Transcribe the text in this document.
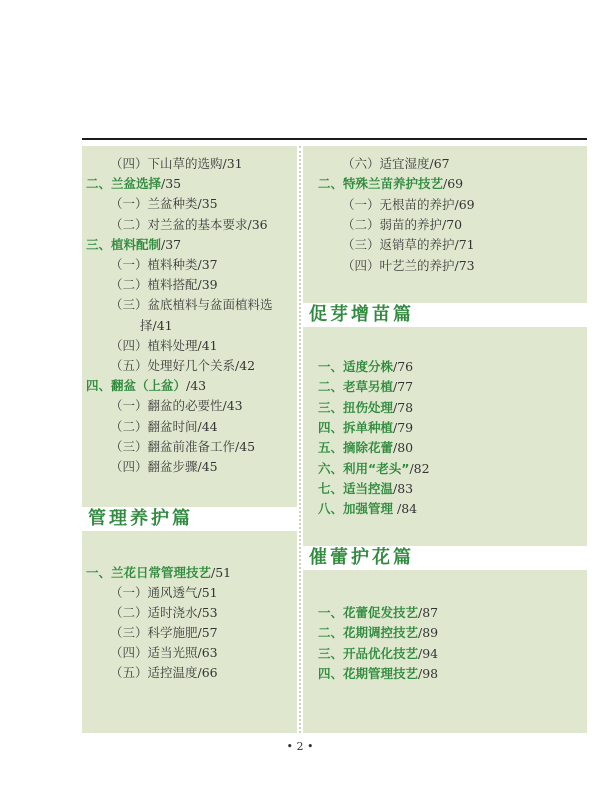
（四）下山草的选购/31
二、兰盆选择/35
（一）兰盆种类/35
（二）对兰盆的基本要求/36
三、植料配制/37
（一）植料种类/37
（二）植料搭配/39
（三）盆底植料与盆面植料选
择/41
（四）植料处理/41
（五）处理好几个关系/42
四、翻盆（上盆）/43
（一）翻盆的必要性/43
（二）翻盆时间/44
（三）翻盆前准备工作/45
（四）翻盆步骤/45
管理养护篇
一、兰花日常管理技艺/51
（一）通风透气/51
（二）适时浇水/53
（三）科学施肥/57
（四）适当光照/63
（五）适控温度/66
（六）适宜湿度/67
二、特殊兰苗养护技艺/69
（一）无根苗的养护/69
（二）弱苗的养护/70
（三）返销草的养护/71
（四）叶艺兰的养护/73
促芽增苗篇
一、适度分株/76
二、老草另植/77
三、扭伤处理/78
四、拆单种植/79
五、摘除花蕾/80
六、利用“老头”/82
七、适当控温/83
八、加强管理 /84
催蕾护花篇
一、花蕾促发技艺/87
二、花期调控技艺/89
三、开品优化技艺/94
四、花期管理技艺/98
• 2 •
